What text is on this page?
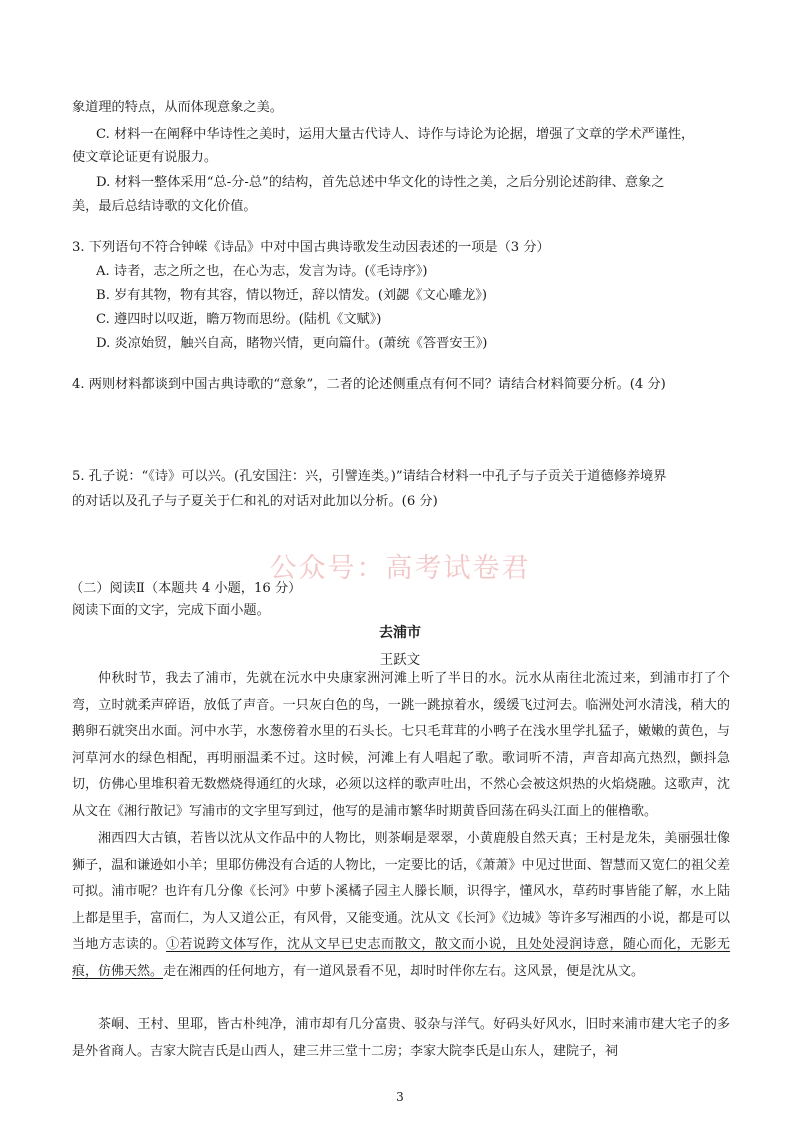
象道理的特点，从而体现意象之美。
C. 材料一在阐释中华诗性之美时，运用大量古代诗人、诗作与诗论为论据，增强了文章的学术严谨性，
使文章论证更有说服力。
D. 材料一整体采用“总-分-总”的结构，首先总述中华文化的诗性之美，之后分别论述韵律、意象之
美，最后总结诗歌的文化价值。
3. 下列语句不符合钟嵘《诗品》中对中国古典诗歌发生动因表述的一项是（3 分）
A. 诗者，志之所之也，在心为志，发言为诗。(《毛诗序》)
B. 岁有其物，物有其容，情以物迁，辞以情发。(刘勰《文心雕龙》)
C. 遵四时以叹逝，瞻万物而思纷。(陆机《文赋》)
D. 炎凉始贸，触兴自高，睹物兴情，更向篇什。(萧统《答晋安王》)
4. 两则材料都谈到中国古典诗歌的“意象”，二者的论述侧重点有何不同？请结合材料简要分析。(4 分)
5. 孔子说：“《诗》可以兴。(孔安国注：兴，引譬连类。)”请结合材料一中孔子与子贡关于道德修养境界
的对话以及孔子与子夏关于仁和礼的对话对此加以分析。(6 分)
公众号：高考试卷君
（二）阅读Ⅱ（本题共 4 小题，16 分）
阅读下面的文字，完成下面小题。
去浦市
王跃文
仲秋时节，我去了浦市，先就在沅水中央康家洲河滩上听了半日的水。沅水从南往北流过来，到浦市打了个弯，立时就柔声碎语，放低了声音。一只灰白色的鸟，一跳一跳掠着水，缓缓飞过河去。临洲处河水清浅，稍大的鹅卵石就突出水面。河中水芋，水葱傍着水里的石头长。七只毛茸茸的小鸭子在浅水里学扎猛子，嫩嫩的黄色，与河草河水的绿色相配，再明丽温柔不过。这时候，河滩上有人唱起了歌。歌词听不清，声音却高亢热烈，颤抖急切，仿佛心里堆积着无数燃烧得通红的火球，必须以这样的歌声吐出，不然心会被这炽热的火焰烧融。这歌声，沈从文在《湘行散记》写浦市的文字里写到过，他写的是浦市繁华时期黄昏回荡在码头江面上的催橹歌。
湘西四大古镇，若皆以沈从文作品中的人物比，则茶峒是翠翠，小黄鹿般自然天真；王村是龙朱，美丽强壮像狮子，温和谦逊如小羊；里耶仿佛没有合适的人物比，一定要比的话，《萧萧》中见过世面、智慧而又宽仁的祖父差可拟。浦市呢？也许有几分像《长河》中萝卜溪橘子园主人滕长顺，识得字，懂风水，草药时事皆能了解，水上陆上都是里手，富而仁，为人又道公正，有风骨，又能变通。沈从文《长河》《边城》等许多写湘西的小说，都是可以当地方志读的。①若说跨文体写作，沈从文早已史志而散文，散文而小说，且处处浸润诗意，随心而化，无影无痕，仿佛天然。走在湘西的任何地方，有一道风景看不见，却时时伴你左右。这风景，便是沈从文。
茶峒、王村、里耶，皆古朴纯净，浦市却有几分富贵、驳杂与洋气。好码头好风水，旧时来浦市建大宅子的多是外省商人。吉家大院吉氏是山西人，建三井三堂十二房；李家大院李氏是山东人，建院子，祠
3
